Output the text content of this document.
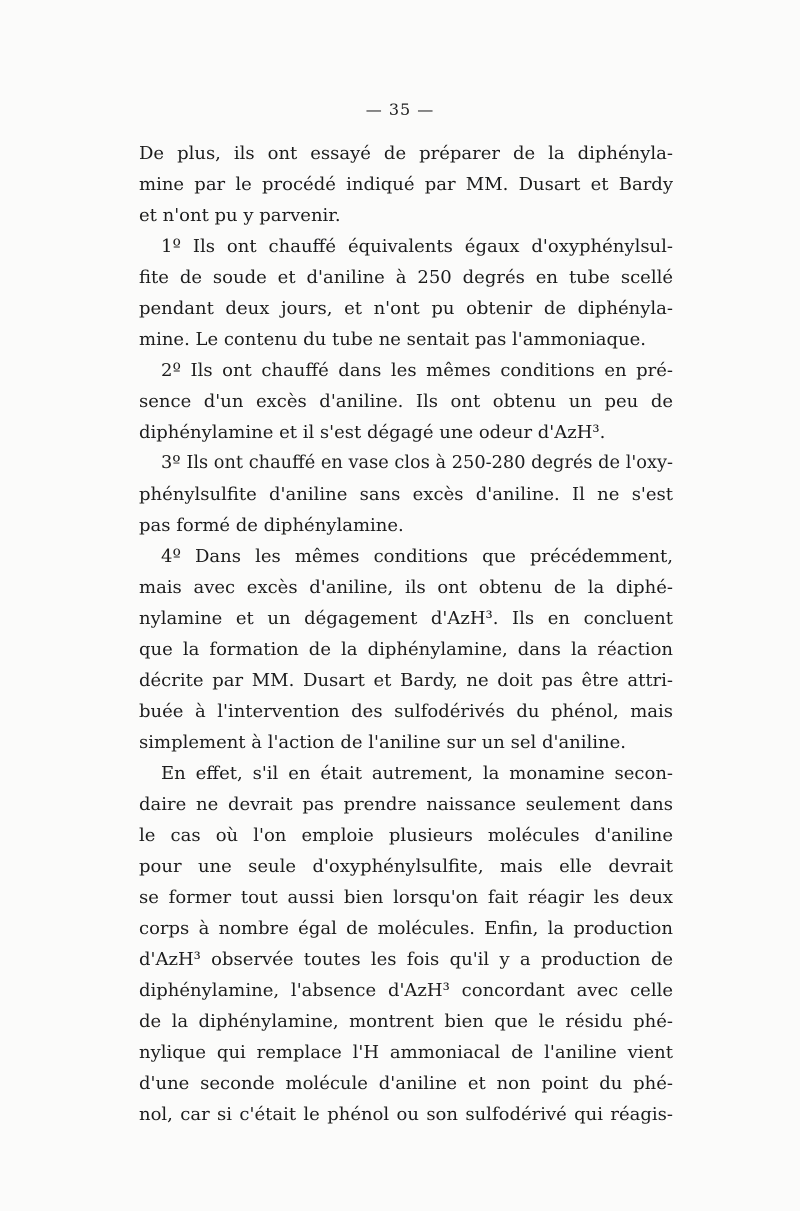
— 35 —
De plus, ils ont essayé de préparer de la diphényla-
mine par le procédé indiqué par MM. Dusart et Bardy
et n'ont pu y parvenir.
1º Ils ont chauffé équivalents égaux d'oxyphénylsul-
fite de soude et d'aniline à 250 degrés en tube scellé
pendant deux jours, et n'ont pu obtenir de diphényla-
mine. Le contenu du tube ne sentait pas l'ammoniaque.
2º Ils ont chauffé dans les mêmes conditions en pré-
sence d'un excès d'aniline. Ils ont obtenu un peu de
diphénylamine et il s'est dégagé une odeur d'AzH³.
3º Ils ont chauffé en vase clos à 250-280 degrés de l'oxy-
phénylsulfite d'aniline sans excès d'aniline. Il ne s'est
pas formé de diphénylamine.
4º Dans les mêmes conditions que précédemment,
mais avec excès d'aniline, ils ont obtenu de la diphé-
nylamine et un dégagement d'AzH³. Ils en concluent
que la formation de la diphénylamine, dans la réaction
décrite par MM. Dusart et Bardy, ne doit pas être attri-
buée à l'intervention des sulfodérivés du phénol, mais
simplement à l'action de l'aniline sur un sel d'aniline.
En effet, s'il en était autrement, la monamine secon-
daire ne devrait pas prendre naissance seulement dans
le cas où l'on emploie plusieurs molécules d'aniline
pour une seule d'oxyphénylsulfite, mais elle devrait
se former tout aussi bien lorsqu'on fait réagir les deux
corps à nombre égal de molécules. Enfin, la production
d'AzH³ observée toutes les fois qu'il y a production de
diphénylamine, l'absence d'AzH³ concordant avec celle
de la diphénylamine, montrent bien que le résidu phé-
nylique qui remplace l'H ammoniacal de l'aniline vient
d'une seconde molécule d'aniline et non point du phé-
nol, car si c'était le phénol ou son sulfodérivé qui réagis-
